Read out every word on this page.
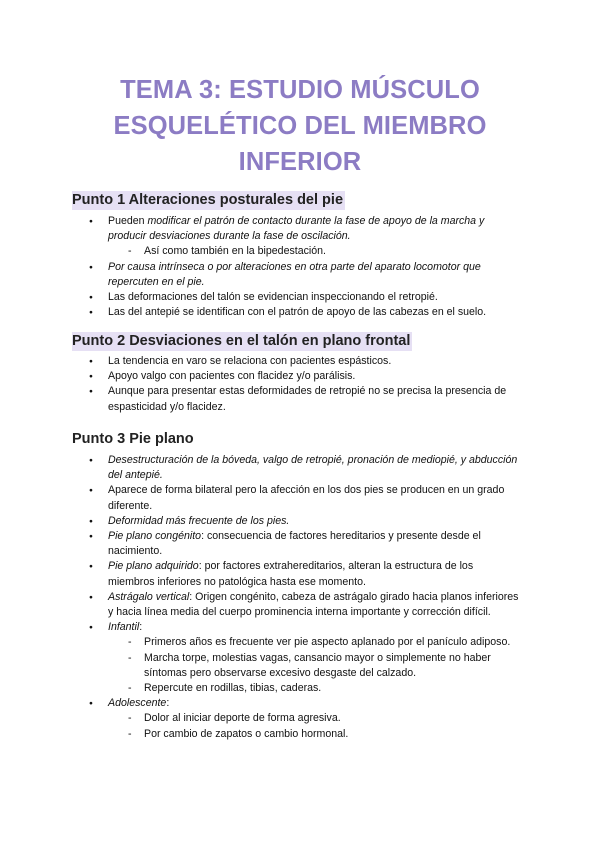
TEMA 3: ESTUDIO MÚSCULO
ESQUELÉTICO DEL MIEMBRO
INFERIOR
Punto 1 Alteraciones posturales del pie
● Pueden modificar el patrón de contacto durante la fase de apoyo de la marcha y producir desviaciones durante la fase de oscilación.
- Así como también en la bipedestación.
● Por causa intrínseca o por alteraciones en otra parte del aparato locomotor que repercuten en el pie.
● Las deformaciones del talón se evidencian inspeccionando el retropié.
● Las del antepié se identifican con el patrón de apoyo de las cabezas en el suelo.
Punto 2 Desviaciones en el talón en plano frontal
● La tendencia en varo se relaciona con pacientes espásticos.
● Apoyo valgo con pacientes con flacidez y/o parálisis.
● Aunque para presentar estas deformidades de retropié no se precisa la presencia de espasticidad y/o flacidez.
Punto 3 Pie plano
● Desestructuración de la bóveda, valgo de retropié, pronación de mediopié, y abducción del antepié.
● Aparece de forma bilateral pero la afección en los dos pies se producen en un grado diferente.
● Deformidad más frecuente de los pies.
● Pie plano congénito: consecuencia de factores hereditarios y presente desde el nacimiento.
● Pie plano adquirido: por factores extrahereditarios, alteran la estructura de los miembros inferiores no patológica hasta ese momento.
● Astrágalo vertical: Origen congénito, cabeza de astrágalo girado hacia planos inferiores y hacia línea media del cuerpo prominencia interna importante y corrección difícil.
● Infantil:
- Primeros años es frecuente ver pie aspecto aplanado por el panículo adiposo.
- Marcha torpe, molestias vagas, cansancio mayor o simplemente no haber síntomas pero observarse excesivo desgaste del calzado.
- Repercute en rodillas, tibias, caderas.
● Adolescente:
- Dolor al iniciar deporte de forma agresiva.
- Por cambio de zapatos o cambio hormonal.
